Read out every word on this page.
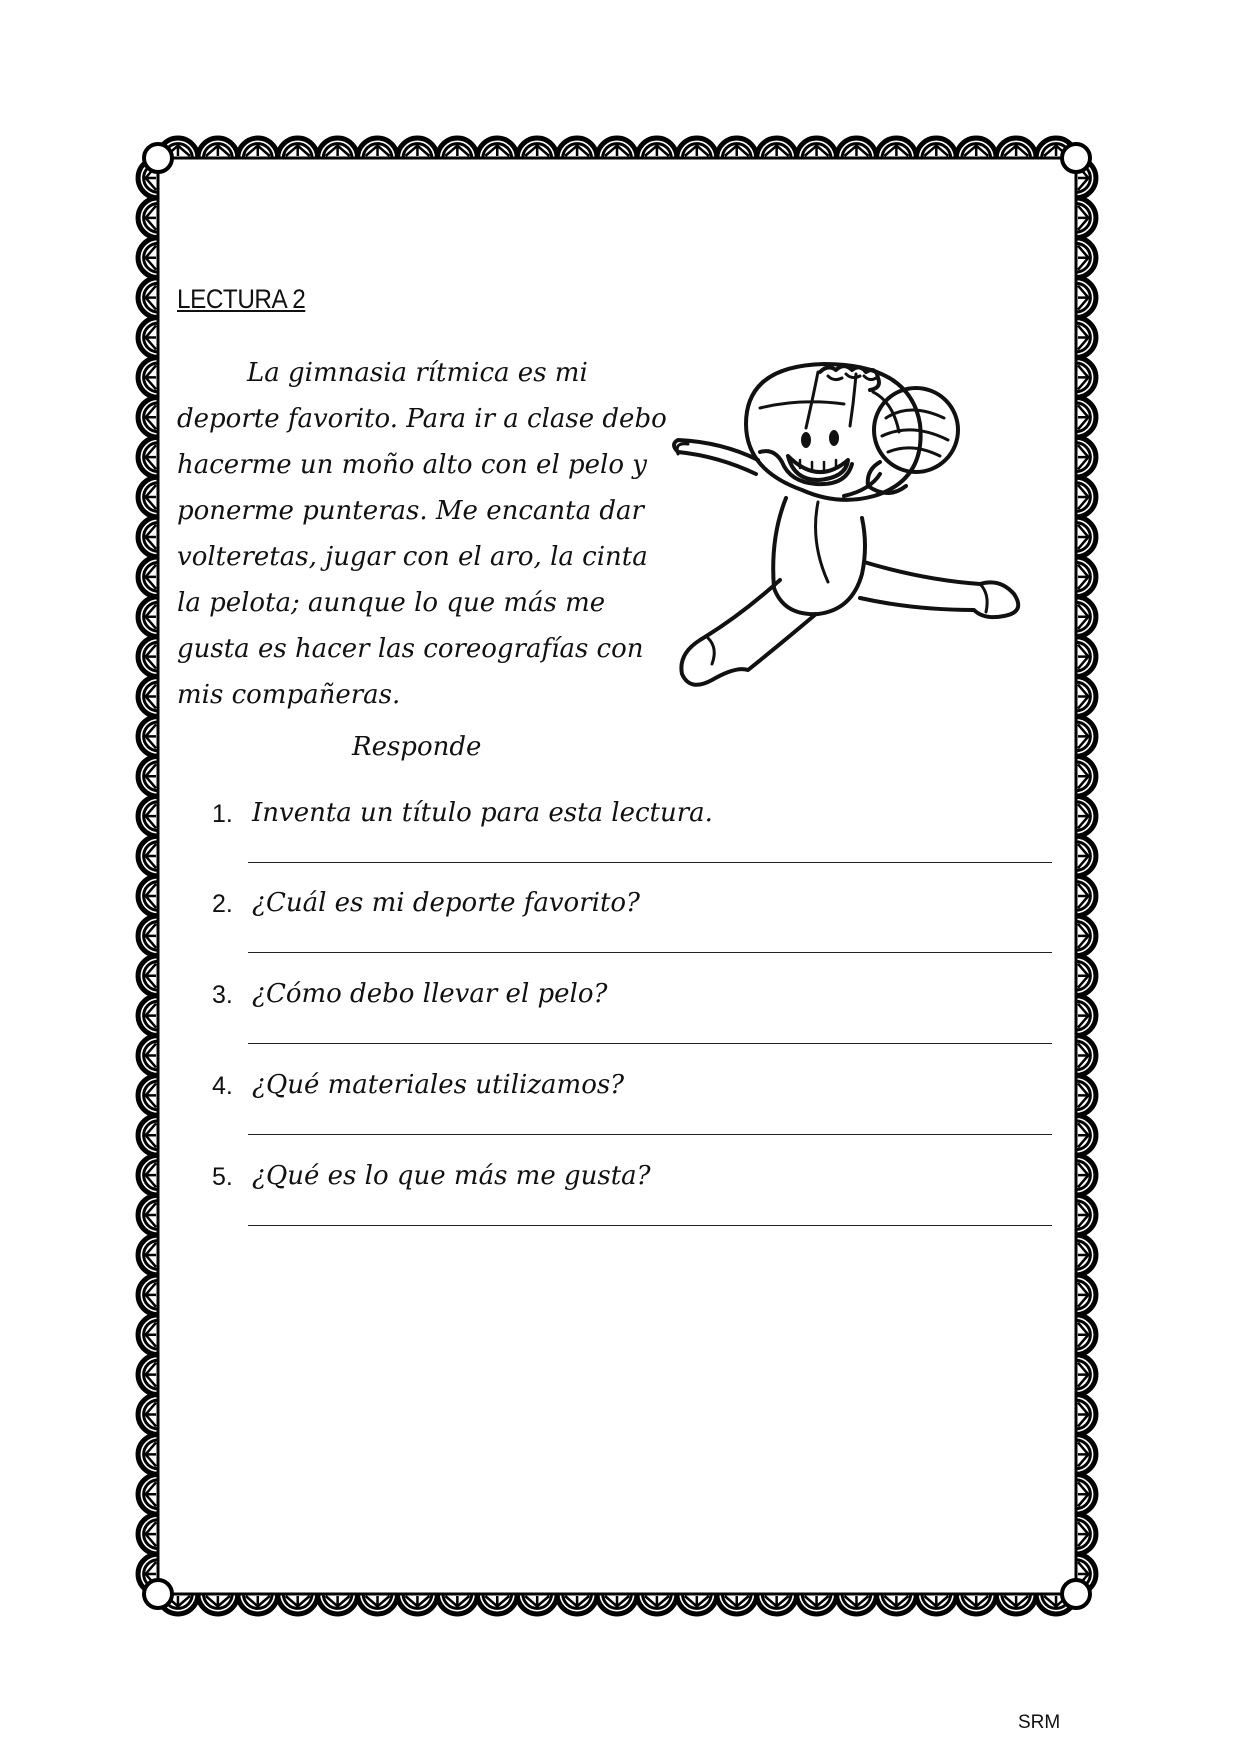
LECTURA 2
La gimnasia rítmica es mi
deporte favorito. Para ir a clase debo
hacerme un moño alto con el pelo y
ponerme punteras. Me encanta dar
volteretas, jugar con el aro, la cinta
la pelota; aunque lo que más me
gusta es hacer las coreografías con
mis compañeras.
Responde
1. Inventa un título para esta lectura.
2. ¿Cuál es mi deporte favorito?
3. ¿Cómo debo llevar el pelo?
4. ¿Qué materiales utilizamos?
5. ¿Qué es lo que más me gusta?
SRM
